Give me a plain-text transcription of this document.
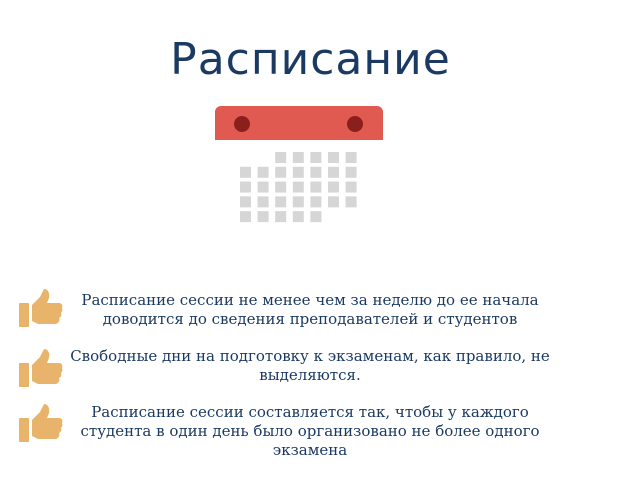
Расписание
Расписание сессии не менее чем за неделю до ее начала доводится до сведения преподавателей и студентов
Свободные дни на подготовку к экзаменам, как правило, не выделяются.
Расписание сессии составляется так, чтобы у каждого студента в один день было организовано не более одного экзамена
